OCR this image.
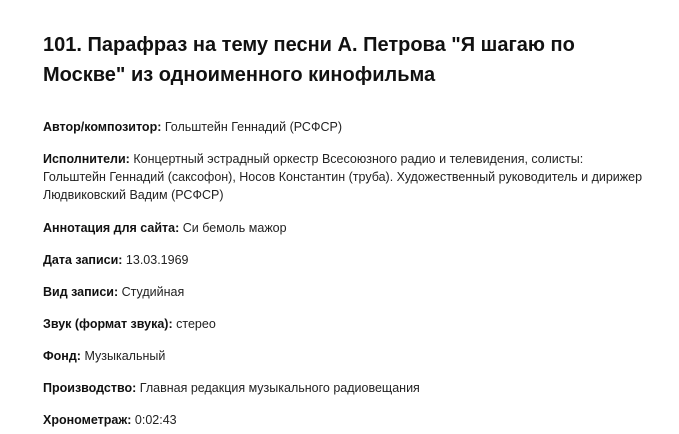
101. Парафраз на тему песни А. Петрова "Я шагаю по Москве" из одноименного кинофильма

Автор/композитор: Гольштейн Геннадий (РСФСР)

Исполнители: Концертный эстрадный оркестр Всесоюзного радио и телевидения, солисты: Гольштейн Геннадий (саксофон), Носов Константин (труба). Художественный руководитель и дирижер Людвиковский Вадим (РСФСР)

Аннотация для сайта: Си бемоль мажор

Дата записи: 13.03.1969

Вид записи: Студийная

Звук (формат звука): стерео

Фонд: Музыкальный

Производство: Главная редакция музыкального радиовещания

Хронометраж: 0:02:43
